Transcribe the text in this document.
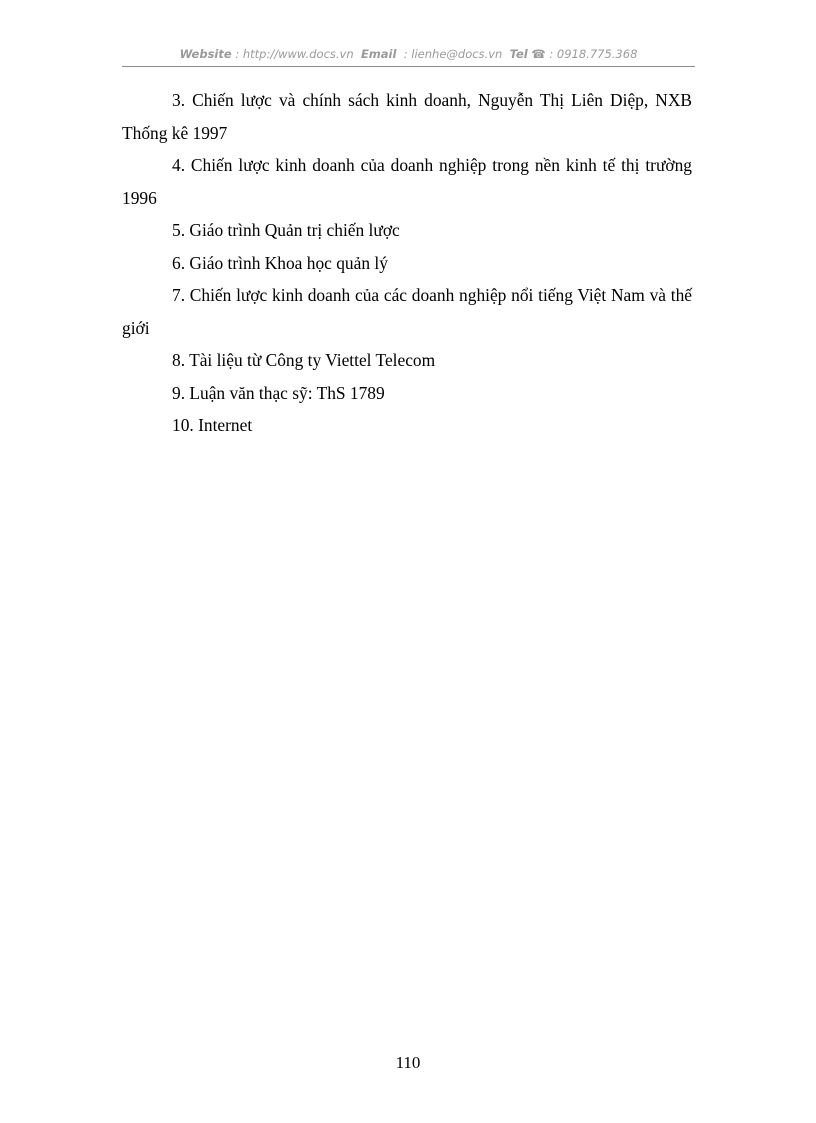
Website : http://www.docs.vn Email : lienhe@docs.vn Tel ☎ : 0918.775.368

3. Chiến lược và chính sách kinh doanh, Nguyễn Thị Liên Diệp, NXB Thống kê 1997

4. Chiến lược kinh doanh của doanh nghiệp trong nền kinh tế thị trường 1996

5. Giáo trình Quản trị chiến lược

6. Giáo trình Khoa học quản lý

7. Chiến lược kinh doanh của các doanh nghiệp nổi tiếng Việt Nam và thế giới

8. Tài liệu từ Công ty Viettel Telecom

9. Luận văn thạc sỹ: ThS 1789

10. Internet

110
